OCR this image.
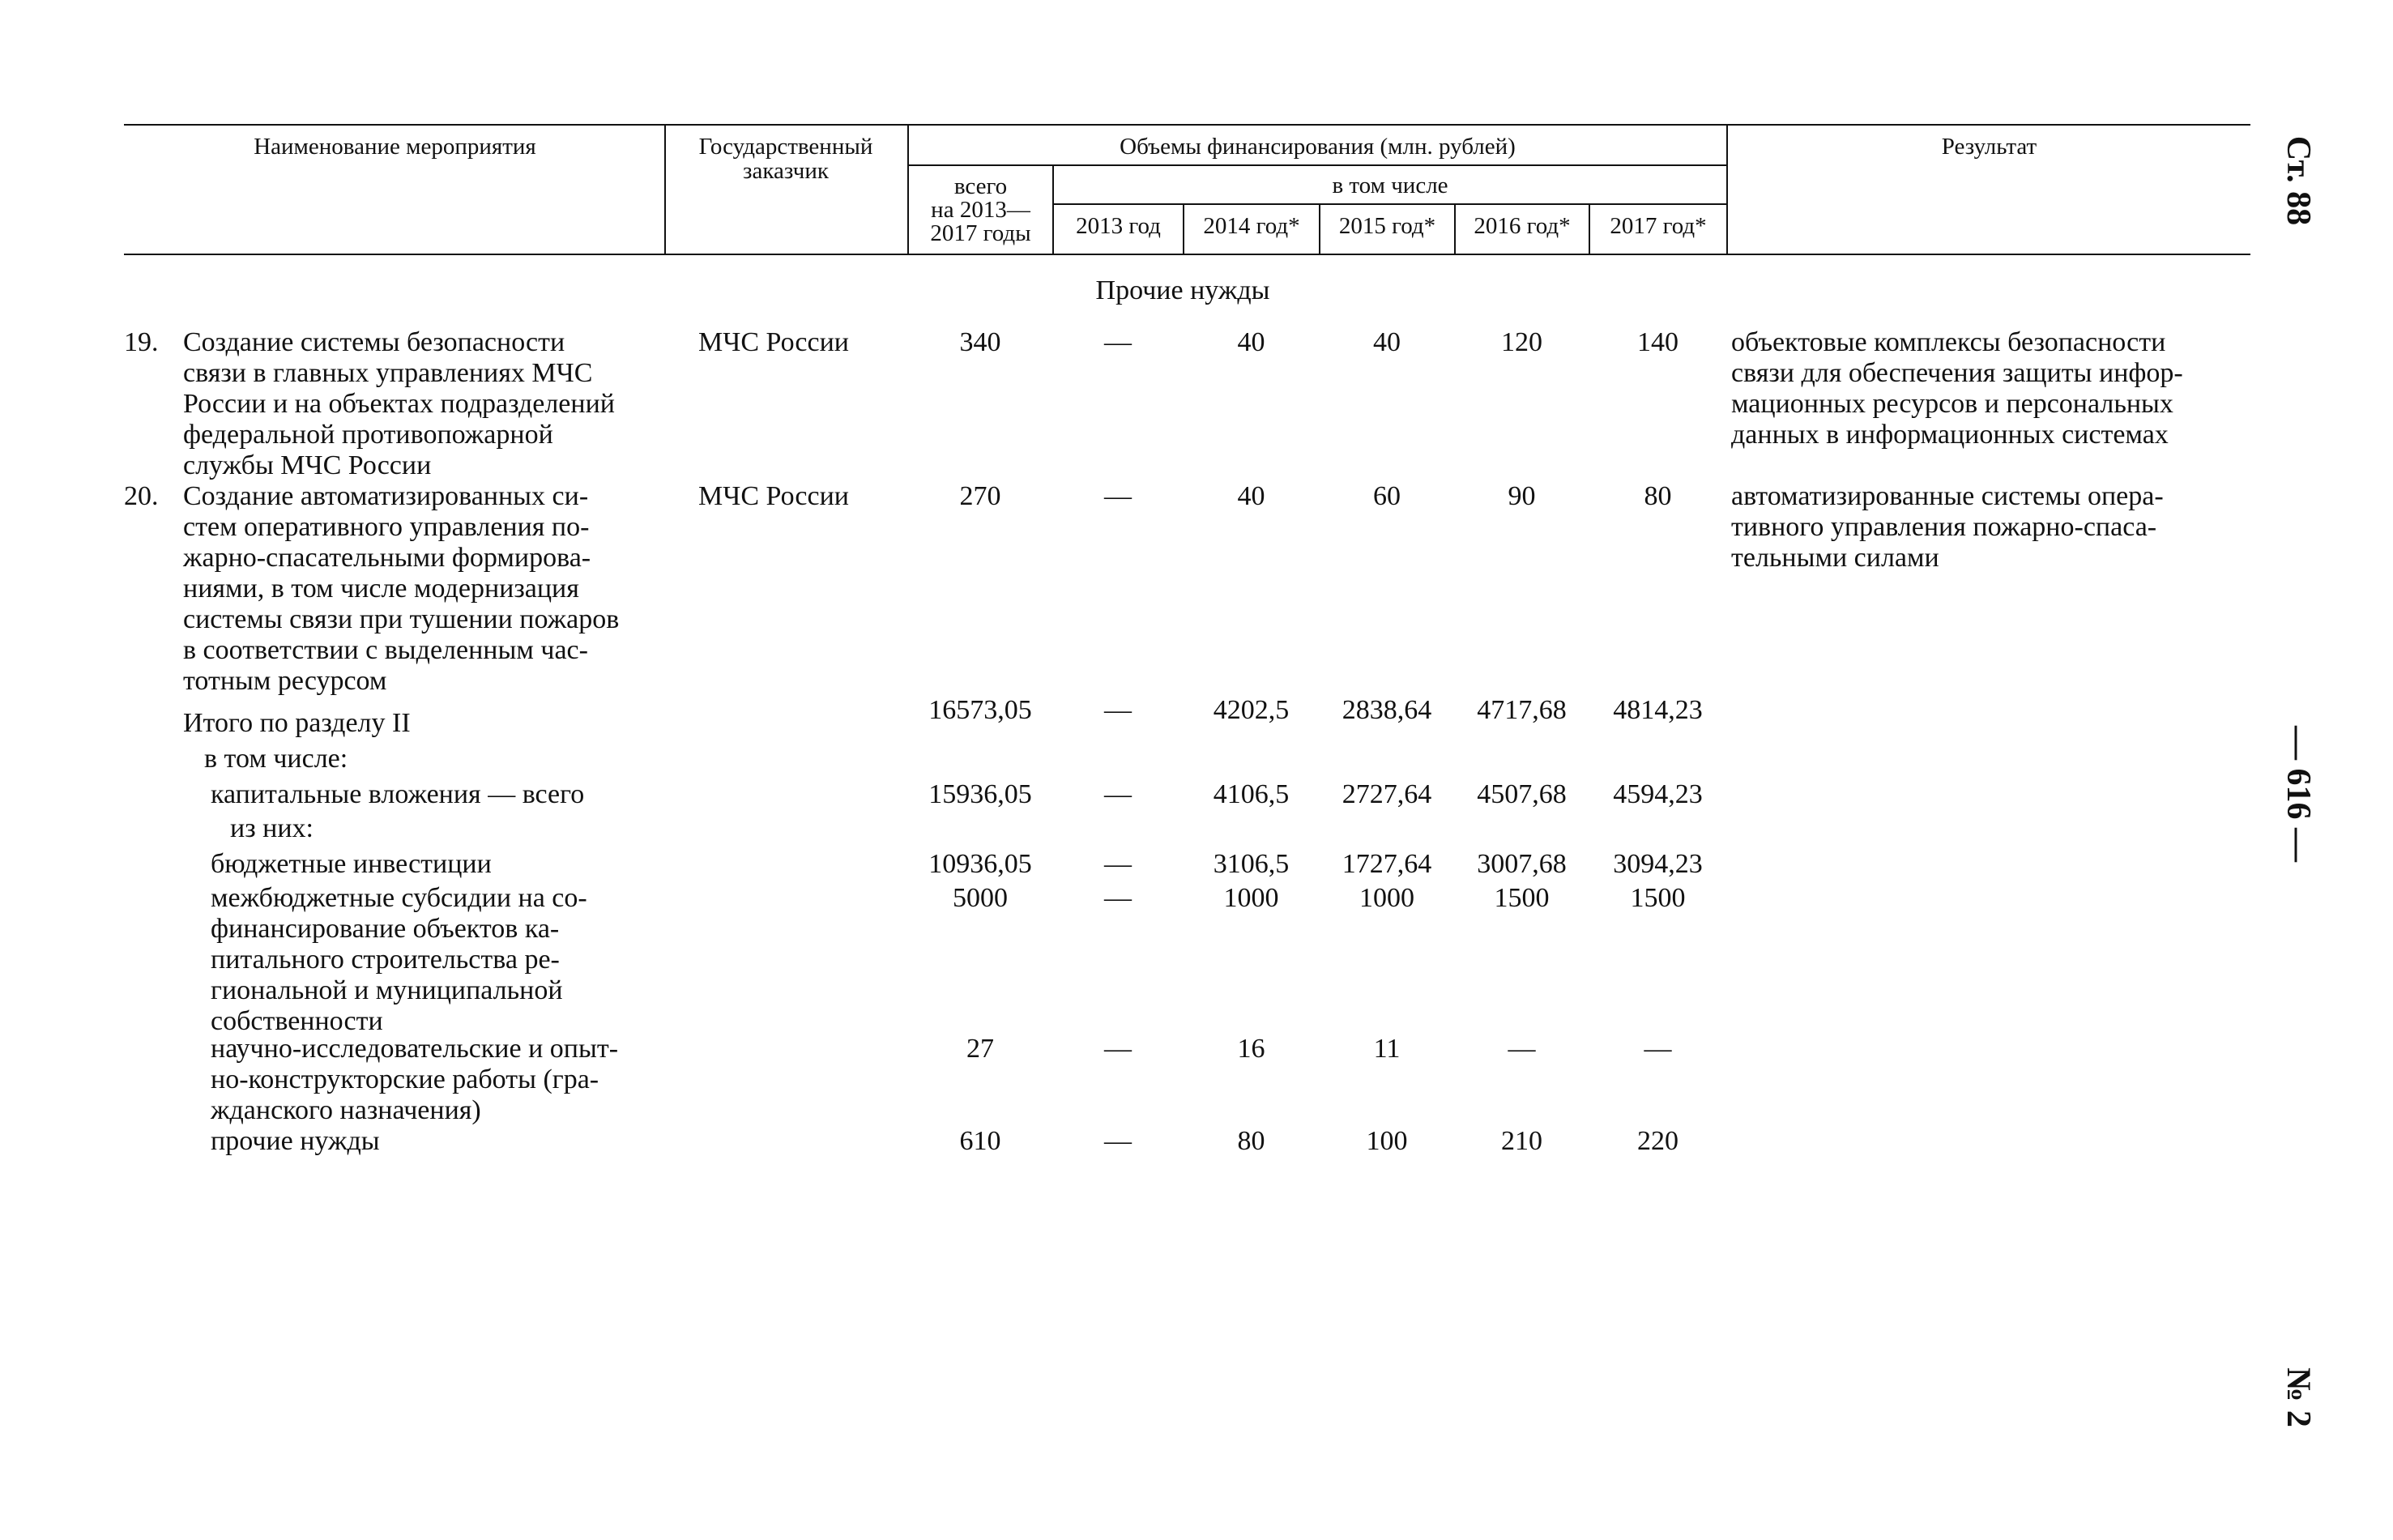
Ст. 88
— 616 —
№ 2
Наименование мероприятия	Государственный заказчик
Объемы финансирования (млн. рублей)
всего
на 2013—
2017 годы
в том числе
2013 год	2014 год*	2015 год*	2016 год*	2017 год*
Результат
Прочие нужды
19. Создание системы безопасности
связи в главных управлениях МЧС
России и на объектах подразделений
федеральной противопожарной
службы МЧС России
МЧС России	340	—	40	40	120	140	объектовые комплексы безопасности
связи для обеспечения защиты инфор-
мационных ресурсов и персональных
данных в информационных системах
20. Создание автоматизированных си-
стем оперативного управления по-
жарно-спасательными формирова-
ниями, в том числе модернизация
системы связи при тушении пожаров
в соответствии с выделенным час-
тотным ресурсом
МЧС России	270	—	40	60	90	80	автоматизированные системы опера-
тивного управления пожарно-спаса-
тельными силами
Итого по разделу II	16573,05	—	4202,5	2838,64	4717,68	4814,23
в том числе:
капитальные вложения — всего	15936,05	—	4106,5	2727,64	4507,68	4594,23
из них:
бюджетные инвестиции	10936,05	—	3106,5	1727,64	3007,68	3094,23
межбюджетные субсидии на со-
финансирование объектов ка-
питального строительства ре-
гиональной и муниципальной
собственности
5000	—	1000	1000	1500	1500
научно-исследовательские и опыт-
но-конструкторские работы (гра-
жданского назначения)
27	—	16	11	—	—
прочие нужды	610	—	80	100	210	220
